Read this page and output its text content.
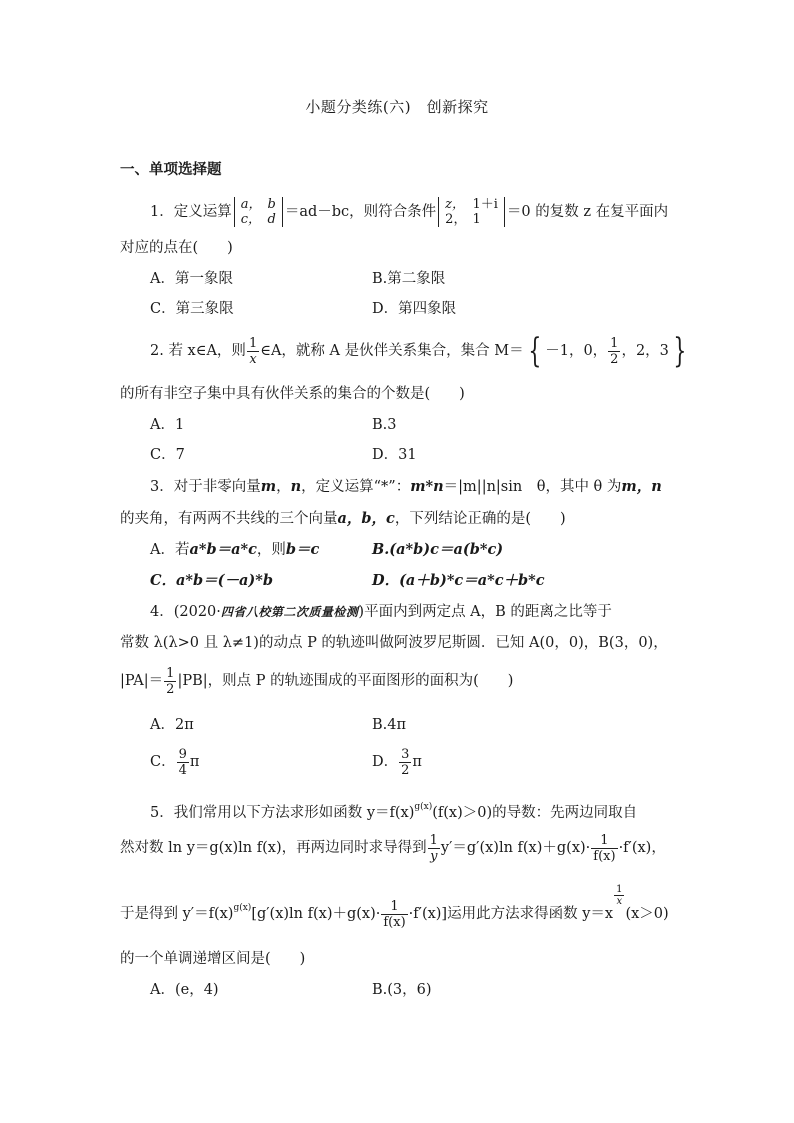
小题分类练(六)　创新探究
一、单项选择题
1．定义运算 a，	b
c，	d ＝ad－bc，则符合条件 z，	1＋i
2，	1 ＝0 的复数 z 在复平面内
对应的点在(　　)
A．第一象限	B.第二象限
C．第三象限	D．第四象限
2. 若 x∈A，则 $\frac{1}{x}$ ∈A，就称 A 是伙伴关系集合，集合 M＝ { －1，0， $\frac{1}{2}$ ，2，3 }
的所有非空子集中具有伙伴关系的集合的个数是(　　)
A．1	B.3
C．7	D．31
3．对于非零向量m，n，定义运算“*”：m*n＝|m||n|sin　θ，其中 θ 为m，n
的夹角，有两两不共线的三个向量a，b，c，下列结论正确的是(　　)
A．若a*b＝a*c，则b＝c	B.(a*b)c＝a(b*c)
C．a*b＝(－a)*b	D．(a＋b)*c＝a*c＋b*c
4．(2020·四省八校第二次质量检测)平面内到两定点 A，B 的距离之比等于
常数 λ(λ>0 且 λ≠1)的动点 P 的轨迹叫做阿波罗尼斯圆．已知 A(0，0)，B(3，0)，
$|PA|= \frac{1}{2} |PB|$，则点 P 的轨迹围成的平面图形的面积为(　　)
A．2π	B.4π
C． $\frac{9}{4}$ π	D． $\frac{3}{2}$ π
5．我们常用以下方法求形如函数 $y=f(x)^{g(x)}(f(x)>0)$的导数：先两边同取自
然对数 ln y＝g(x)ln f(x)，再两边同时求导得到 $\frac{1}{y} y'=g'(x)\ln$ $f(x)+g(x)\cdot \frac{1}{f(x)} \cdot f'(x)$，
于是得到 $y'=f(x)^{g(x)}[g'(x)\ln$ $f(x)+g(x)\cdot \frac{1}{f(x)} \cdot f'(x)$]运用此方法求得函数 y＝x
$\frac{1}{x}$
(x＞0)
的一个单调递增区间是(　　)
A．(e，4)	B.(3，6)
